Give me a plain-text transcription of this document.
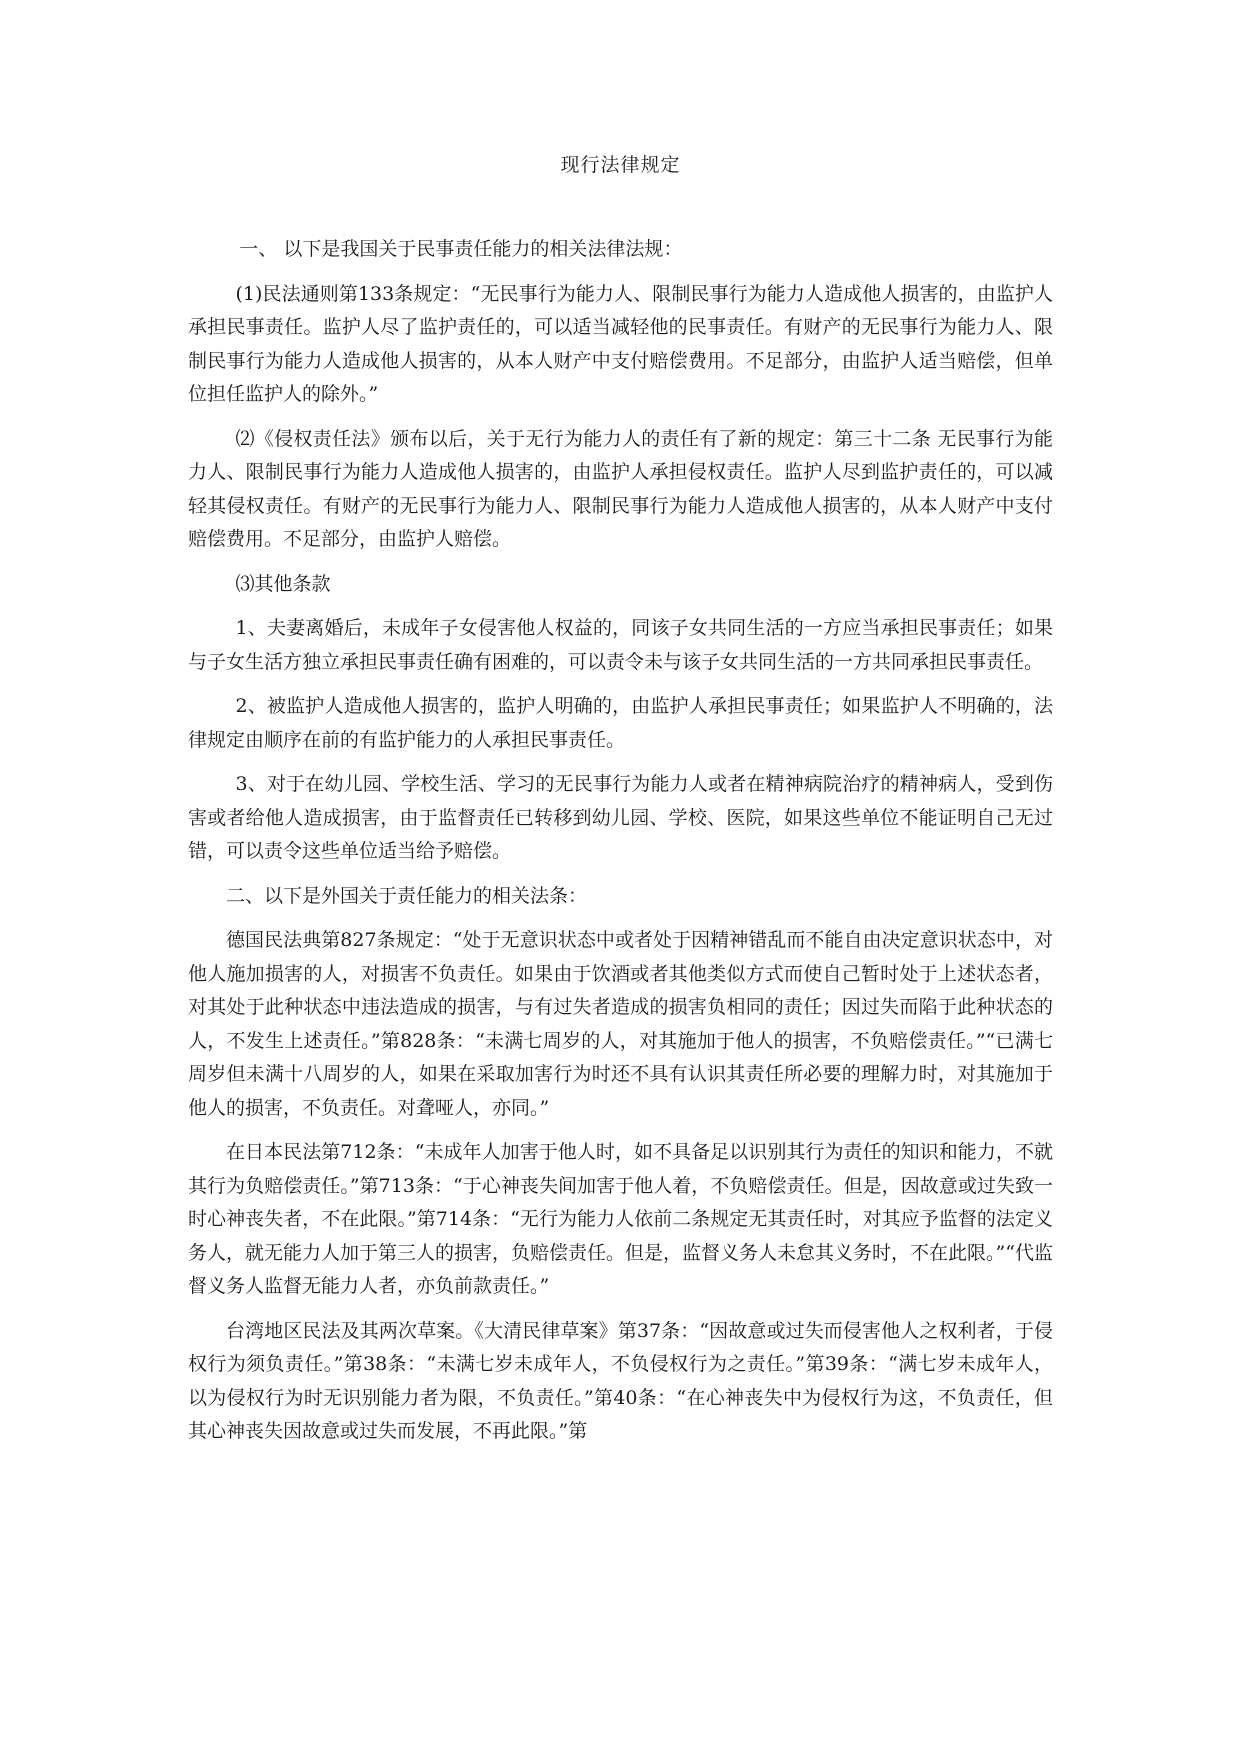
现行法律规定

一、 以下是我国关于民事责任能力的相关法律法规：

(1)民法通则第133条规定：“无民事行为能力人、限制民事行为能力人造成他人损害的，由监护人承担民事责任。监护人尽了监护责任的，可以适当减轻他的民事责任。有财产的无民事行为能力人、限制民事行为能力人造成他人损害的，从本人财产中支付赔偿费用。不足部分，由监护人适当赔偿，但单位担任监护人的除外。”

⑵《侵权责任法》颁布以后，关于无行为能力人的责任有了新的规定：第三十二条 无民事行为能力人、限制民事行为能力人造成他人损害的，由监护人承担侵权责任。监护人尽到监护责任的，可以减轻其侵权责任。有财产的无民事行为能力人、限制民事行为能力人造成他人损害的，从本人财产中支付赔偿费用。不足部分，由监护人赔偿。

⑶其他条款

1、夫妻离婚后，未成年子女侵害他人权益的，同该子女共同生活的一方应当承担民事责任；如果与子女生活方独立承担民事责任确有困难的，可以责令未与该子女共同生活的一方共同承担民事责任。

2、被监护人造成他人损害的，监护人明确的，由监护人承担民事责任；如果监护人不明确的，法律规定由顺序在前的有监护能力的人承担民事责任。

3、对于在幼儿园、学校生活、学习的无民事行为能力人或者在精神病院治疗的精神病人，受到伤害或者给他人造成损害，由于监督责任已转移到幼儿园、学校、医院，如果这些单位不能证明自己无过错，可以责令这些单位适当给予赔偿。

二、以下是外国关于责任能力的相关法条：

德国民法典第827条规定：“处于无意识状态中或者处于因精神错乱而不能自由决定意识状态中，对他人施加损害的人，对损害不负责任。如果由于饮酒或者其他类似方式而使自己暂时处于上述状态者，对其处于此种状态中违法造成的损害，与有过失者造成的损害负相同的责任；因过失而陷于此种状态的人，不发生上述责任。”第828条：“未满七周岁的人，对其施加于他人的损害，不负赔偿责任。”“已满七周岁但未满十八周岁的人，如果在采取加害行为时还不具有认识其责任所必要的理解力时，对其施加于他人的损害，不负责任。对聋哑人，亦同。”

在日本民法第712条：“未成年人加害于他人时，如不具备足以识别其行为责任的知识和能力，不就其行为负赔偿责任。”第713条：“于心神丧失间加害于他人着，不负赔偿责任。但是，因故意或过失致一时心神丧失者，不在此限。”第714条：“无行为能力人依前二条规定无其责任时，对其应予监督的法定义务人，就无能力人加于第三人的损害，负赔偿责任。但是，监督义务人未怠其义务时，不在此限。”“代监督义务人监督无能力人者，亦负前款责任。”

台湾地区民法及其两次草案。《大清民律草案》第37条：“因故意或过失而侵害他人之权利者，于侵权行为须负责任。”第38条：“未满七岁未成年人，不负侵权行为之责任。”第39条：“满七岁未成年人，以为侵权行为时无识别能力者为限，不负责任。”第40条：“在心神丧失中为侵权行为这，不负责任，但其心神丧失因故意或过失而发展，不再此限。”第
